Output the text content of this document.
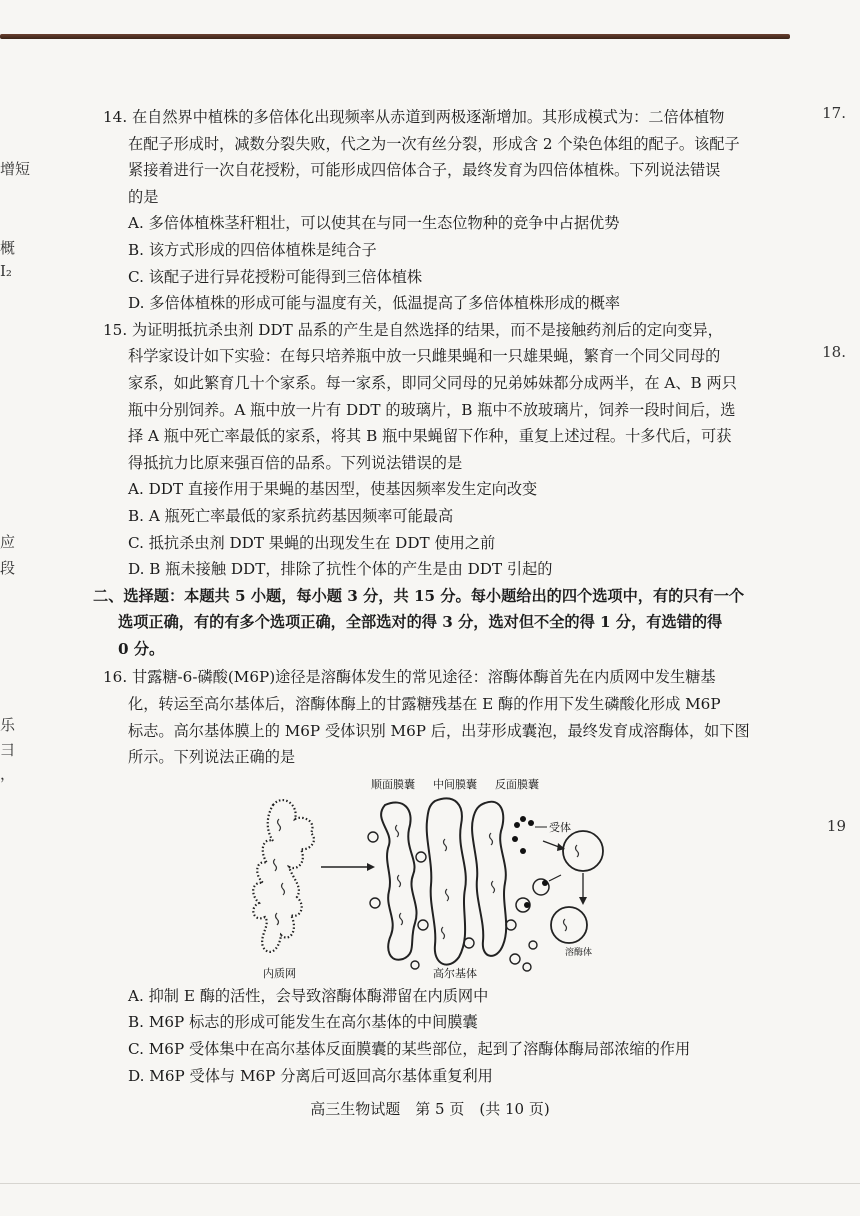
增短
概
I₂
应
段
乐
彐
，
17.
18.
19

14. 在自然界中植株的多倍体化出现频率从赤道到两极逐渐增加。其形成模式为：二倍体植物

在配子形成时，减数分裂失败，代之为一次有丝分裂，形成含 2 个染色体组的配子。该配子

紧接着进行一次自花授粉，可能形成四倍体合子，最终发育为四倍体植株。下列说法错误

的是

A. 多倍体植株茎秆粗壮，可以使其在与同一生态位物种的竞争中占据优势

B. 该方式形成的四倍体植株是纯合子

C. 该配子进行异花授粉可能得到三倍体植株

D. 多倍体植株的形成可能与温度有关，低温提高了多倍体植株形成的概率

15. 为证明抵抗杀虫剂 DDT 品系的产生是自然选择的结果，而不是接触药剂后的定向变异，

科学家设计如下实验：在每只培养瓶中放一只雌果蝇和一只雄果蝇，繁育一个同父同母的

家系，如此繁育几十个家系。每一家系，即同父同母的兄弟姊妹都分成两半，在 A、B 两只

瓶中分别饲养。A 瓶中放一片有 DDT 的玻璃片，B 瓶中不放玻璃片，饲养一段时间后，选

择 A 瓶中死亡率最低的家系，将其 B 瓶中果蝇留下作种，重复上述过程。十多代后，可获

得抵抗力比原来强百倍的品系。下列说法错误的是

A. DDT 直接作用于果蝇的基因型，使基因频率发生定向改变

B. A 瓶死亡率最低的家系抗药基因频率可能最高

C. 抵抗杀虫剂 DDT 果蝇的出现发生在 DDT 使用之前

D. B 瓶未接触 DDT，排除了抗性个体的产生是由 DDT 引起的

二、选择题：本题共 5 小题，每小题 3 分，共 15 分。每小题给出的四个选项中，有的只有一个

选项正确，有的有多个选项正确，全部选对的得 3 分，选对但不全的得 1 分，有选错的得

0 分。

16. 甘露糖-6-磷酸(M6P)途径是溶酶体发生的常见途径：溶酶体酶首先在内质网中发生糖基

化，转运至高尔基体后，溶酶体酶上的甘露糖残基在 E 酶的作用下发生磷酸化形成 M6P

标志。高尔基体膜上的 M6P 受体识别 M6P 后，出芽形成囊泡，最终发育成溶酶体，如下图

所示。下列说法正确的是

顺面膜囊 中间膜囊 反面膜囊
受体
溶酶体
内质网	高尔基体

A. 抑制 E 酶的活性，会导致溶酶体酶滞留在内质网中

B. M6P 标志的形成可能发生在高尔基体的中间膜囊

C. M6P 受体集中在高尔基体反面膜囊的某些部位，起到了溶酶体酶局部浓缩的作用

D. M6P 受体与 M6P 分离后可返回高尔基体重复利用

高三生物试题　第 5 页　(共 10 页)
